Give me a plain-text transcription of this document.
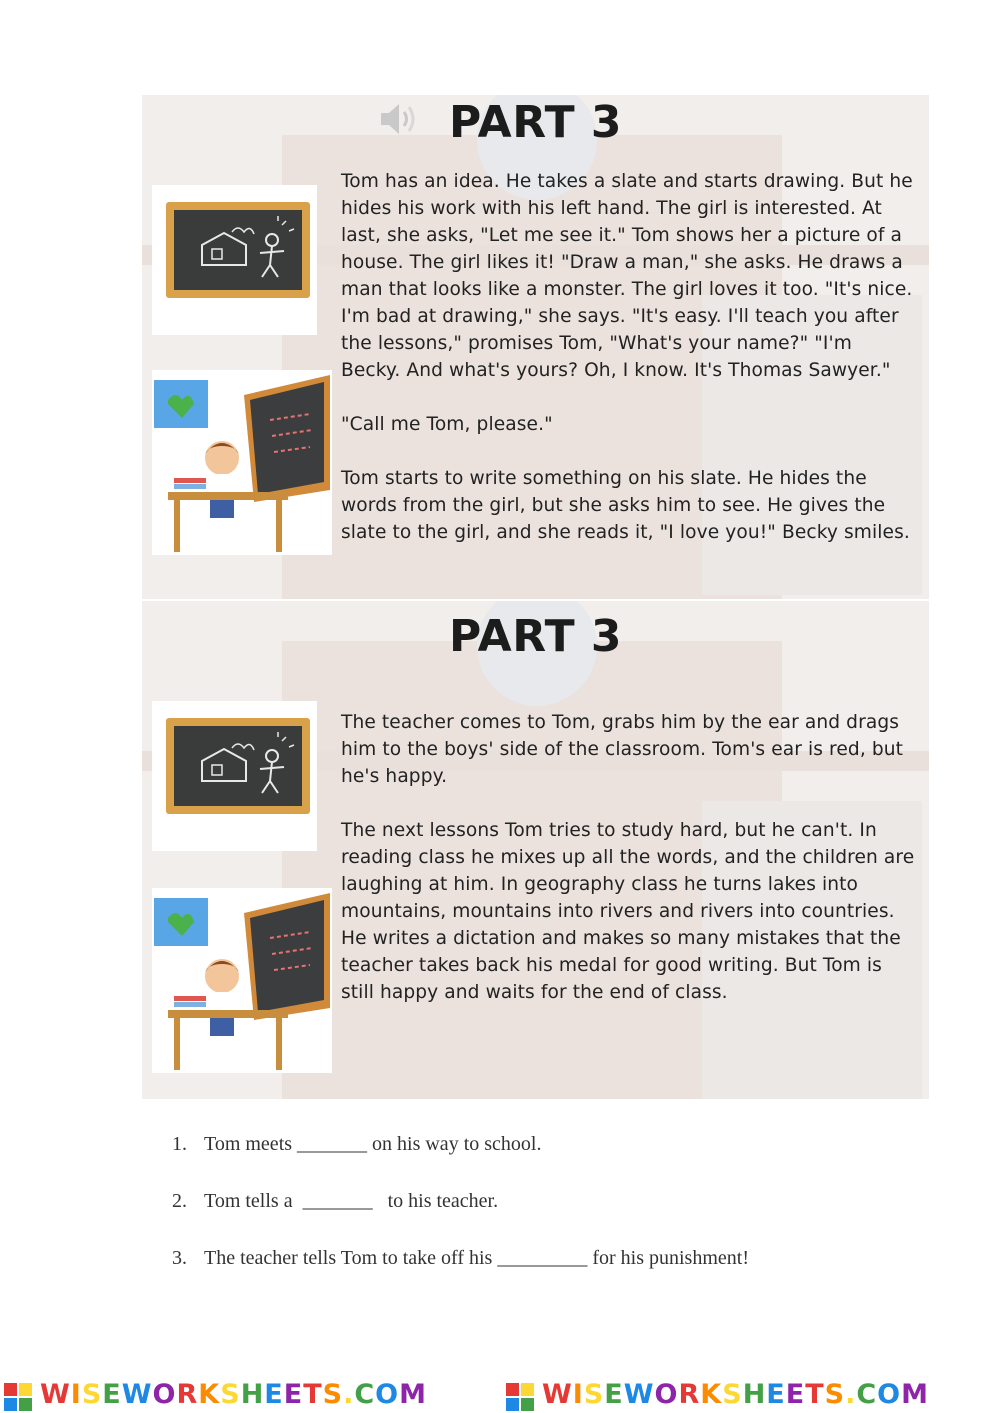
PART 3

Tom has an idea. He takes a slate and starts drawing. But he hides his work with his left hand. The girl is interested. At last, she asks, "Let me see it." Tom shows her a picture of a house. The girl likes it! "Draw a man," she asks. He draws a man that looks like a monster. The girl loves it too. "It's nice. I'm bad at drawing," she says. "It's easy. I'll teach you after the lessons," promises Tom, "What's your name?" "I'm Becky. And what's yours? Oh, I know. It's Thomas Sawyer."

"Call me Tom, please."

Tom starts to write something on his slate. He hides the words from the girl, but she asks him to see. He gives the slate to the girl, and she reads it, "I love you!" Becky smiles.

PART 3

The teacher comes to Tom, grabs him by the ear and drags him to the boys' side of the classroom. Tom's ear is red, but he's happy.

The next lessons Tom tries to study hard, but he can't. In reading class he mixes up all the words, and the children are laughing at him. In geography class he turns lakes into mountains, mountains into rivers and rivers into countries. He writes a dictation and makes so many mistakes that the teacher takes back his medal for good writing. But Tom is still happy and waits for the end of class.

1. Tom meets _______ on his way to school.
2. Tom tells a  _______   to his teacher.
3. The teacher tells Tom to take off his _________ for his punishment!
WISEWORKSHEETS.COM	WISEWORKSHEETS.COM
